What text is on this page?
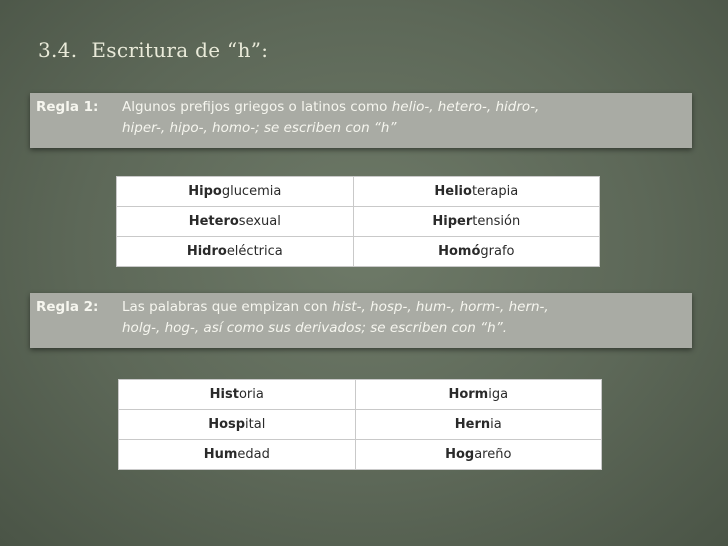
3.4. Escritura de “h”:
Regla 1: Algunos prefijos griegos o latinos como helio-, hetero-, hidro-,
hiper-, hipo-, homo-; se escriben con “h”
Hipoglucemia	Helioterapia
Heterosexual	Hipertensión
Hidroeléctrica	Homógrafo
Regla 2: Las palabras que empizan con hist-, hosp-, hum-, horm-, hern-,
holg-, hog-, así como sus derivados; se escriben con “h”.
Historia	Hormiga
Hospital	Hernia
Humedad	Hogareño
